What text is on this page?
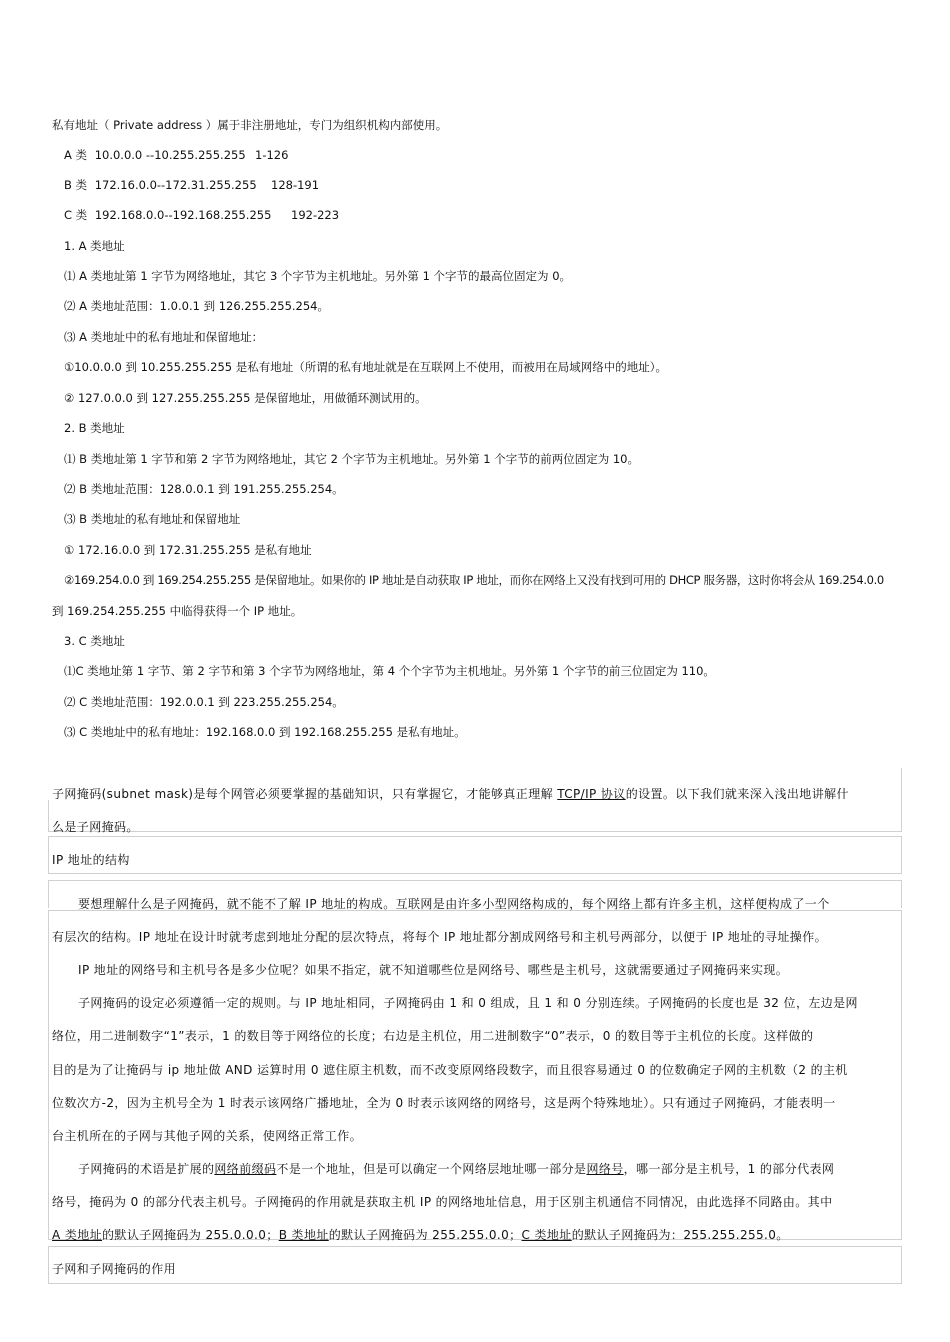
私有地址（ Private address ）属于非注册地址，专门为组织机构内部使用。
A 类 10.0.0.0 --10.255.255.255 1-126
B 类 172.16.0.0--172.31.255.255 128-191
C 类 192.168.0.0--192.168.255.255 192-223
1. A 类地址
⑴ A 类地址第 1 字节为网络地址，其它 3 个字节为主机地址。另外第 1 个字节的最高位固定为 0。
⑵ A 类地址范围：1.0.0.1 到 126.255.255.254。
⑶ A 类地址中的私有地址和保留地址：
①10.0.0.0 到 10.255.255.255 是私有地址（所谓的私有地址就是在互联网上不使用，而被用在局域网络中的地址）。
② 127.0.0.0 到 127.255.255.255 是保留地址，用做循环测试用的。
2. B 类地址
⑴ B 类地址第 1 字节和第 2 字节为网络地址，其它 2 个字节为主机地址。另外第 1 个字节的前两位固定为 10。
⑵ B 类地址范围：128.0.0.1 到 191.255.255.254。
⑶ B 类地址的私有地址和保留地址
① 172.16.0.0 到 172.31.255.255 是私有地址
②169.254.0.0 到 169.254.255.255 是保留地址。如果你的 IP 地址是自动获取 IP 地址，而你在网络上又没有找到可用的 DHCP 服务器，这时你将会从 169.254.0.0
到 169.254.255.255 中临得获得一个 IP 地址。
3. C 类地址
⑴C 类地址第 1 字节、第 2 字节和第 3 个字节为网络地址，第 4 个个字节为主机地址。另外第 1 个字节的前三位固定为 110。
⑵ C 类地址范围：192.0.0.1 到 223.255.255.254。
⑶ C 类地址中的私有地址：192.168.0.0 到 192.168.255.255 是私有地址。
子网掩码(subnet mask)是每个网管必须要掌握的基础知识，只有掌握它，才能够真正理解 TCP/IP 协议的设置。以下我们就来深入浅出地讲解什
么是子网掩码。
IP 地址的结构
要想理解什么是子网掩码，就不能不了解 IP 地址的构成。互联网是由许多小型网络构成的，每个网络上都有许多主机，这样便构成了一个
有层次的结构。IP 地址在设计时就考虑到地址分配的层次特点，将每个 IP 地址都分割成网络号和主机号两部分，以便于 IP 地址的寻址操作。
IP 地址的网络号和主机号各是多少位呢？如果不指定，就不知道哪些位是网络号、哪些是主机号，这就需要通过子网掩码来实现。
子网掩码的设定必须遵循一定的规则。与 IP 地址相同，子网掩码由 1 和 0 组成，且 1 和 0 分别连续。子网掩码的长度也是 32 位，左边是网
络位，用二进制数字“1”表示，1 的数目等于网络位的长度；右边是主机位，用二进制数字“0”表示，0 的数目等于主机位的长度。这样做的
目的是为了让掩码与 ip 地址做 AND 运算时用 0 遮住原主机数，而不改变原网络段数字，而且很容易通过 0 的位数确定子网的主机数（2 的主机
位数次方-2，因为主机号全为 1 时表示该网络广播地址，全为 0 时表示该网络的网络号，这是两个特殊地址）。只有通过子网掩码，才能表明一
台主机所在的子网与其他子网的关系，使网络正常工作。
子网掩码的术语是扩展的网络前缀码不是一个地址，但是可以确定一个网络层地址哪一部分是网络号，哪一部分是主机号，1 的部分代表网
络号，掩码为 0 的部分代表主机号。子网掩码的作用就是获取主机 IP 的网络地址信息，用于区别主机通信不同情况，由此选择不同路由。其中
A 类地址的默认子网掩码为 255.0.0.0；B 类地址的默认子网掩码为 255.255.0.0；C 类地址的默认子网掩码为：255.255.255.0。
子网和子网掩码的作用
